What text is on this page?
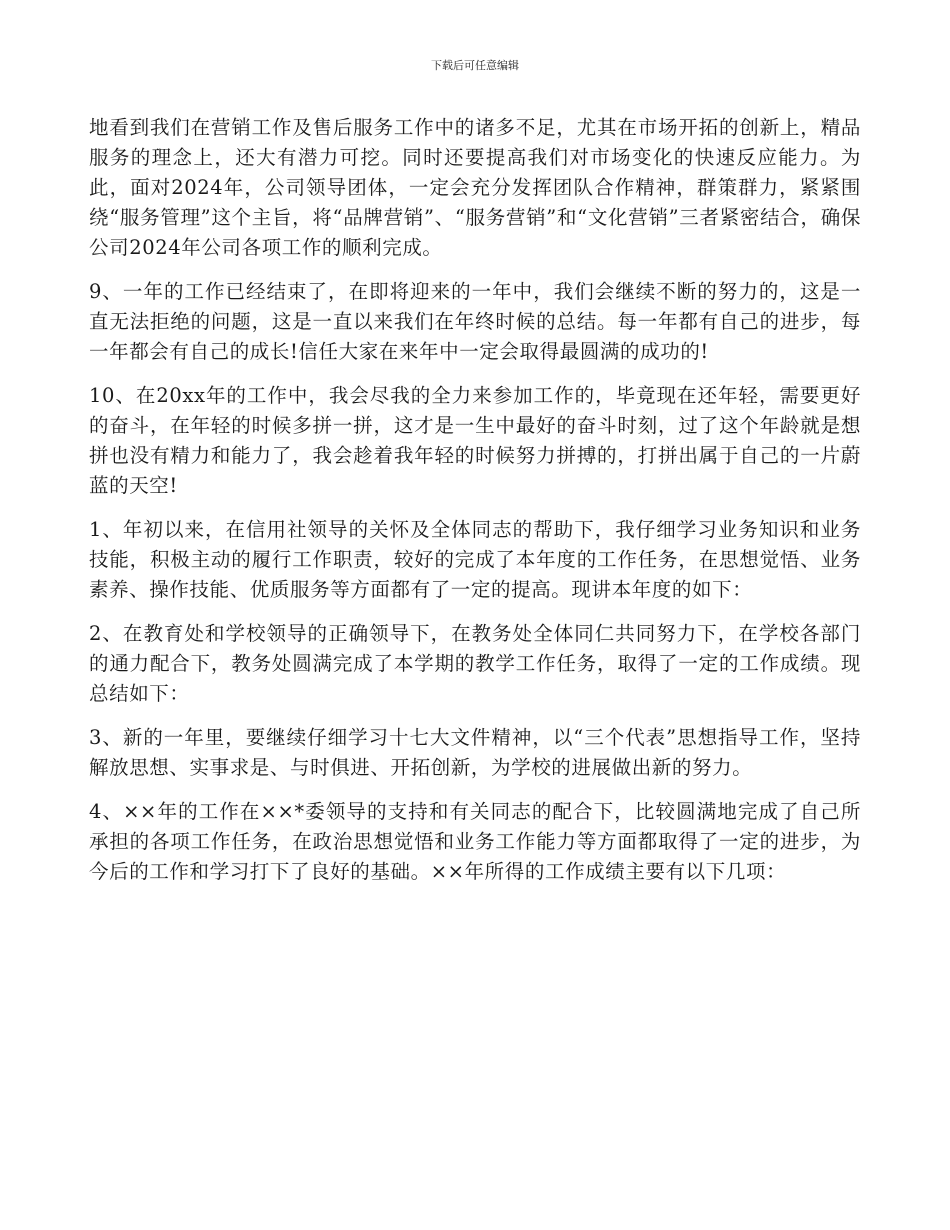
下载后可任意编辑

地看到我们在营销工作及售后服务工作中的诸多不足，尤其在市场开拓的创新上，精品服务的理念上，还大有潜力可挖。同时还要提高我们对市场变化的快速反应能力。为此，面对2024年，公司领导团体，一定会充分发挥团队合作精神，群策群力，紧紧围绕“服务管理”这个主旨，将“品牌营销”、“服务营销”和“文化营销”三者紧密结合，确保公司2024年公司各项工作的顺利完成。

9、一年的工作已经结束了，在即将迎来的一年中，我们会继续不断的努力的，这是一直无法拒绝的问题，这是一直以来我们在年终时候的总结。每一年都有自己的进步，每一年都会有自己的成长!信任大家在来年中一定会取得最圆满的成功的!

10、在20xx年的工作中，我会尽我的全力来参加工作的，毕竟现在还年轻，需要更好的奋斗，在年轻的时候多拼一拼，这才是一生中最好的奋斗时刻，过了这个年龄就是想拼也没有精力和能力了，我会趁着我年轻的时候努力拼搏的，打拼出属于自己的一片蔚蓝的天空!

1、年初以来，在信用社领导的关怀及全体同志的帮助下，我仔细学习业务知识和业务技能，积极主动的履行工作职责，较好的完成了本年度的工作任务，在思想觉悟、业务素养、操作技能、优质服务等方面都有了一定的提高。现讲本年度的如下：

2、在教育处和学校领导的正确领导下，在教务处全体同仁共同努力下，在学校各部门的通力配合下，教务处圆满完成了本学期的教学工作任务，取得了一定的工作成绩。现总结如下：

3、新的一年里，要继续仔细学习十七大文件精神，以“三个代表”思想指导工作，坚持解放思想、实事求是、与时俱进、开拓创新，为学校的进展做出新的努力。

4、××年的工作在××*委领导的支持和有关同志的配合下，比较圆满地完成了自己所承担的各项工作任务，在政治思想觉悟和业务工作能力等方面都取得了一定的进步，为今后的工作和学习打下了良好的基础。××年所得的工作成绩主要有以下几项：
